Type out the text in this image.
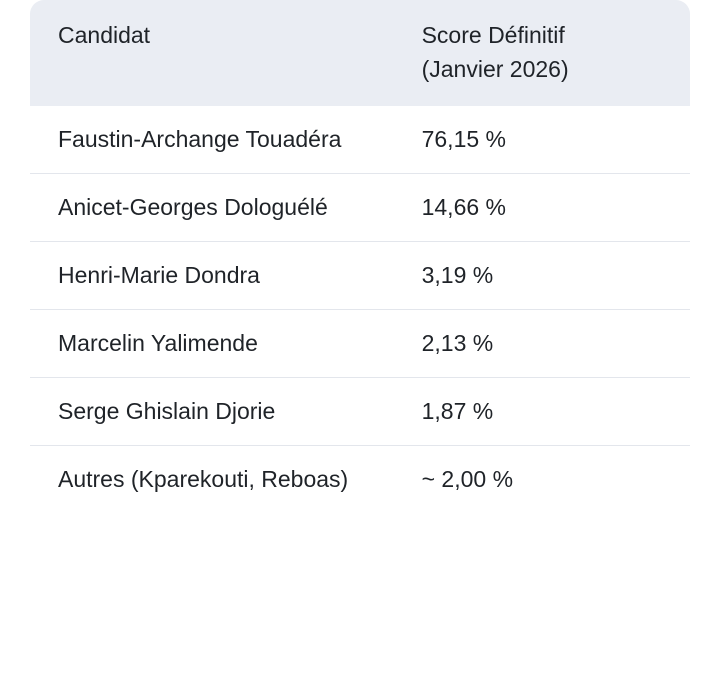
Candidat	Score Définitif
(Janvier 2026)

Faustin-Archange Touadéra	76,15 %
Anicet-Georges Dologuélé	14,66 %
Henri-Marie Dondra	3,19 %
Marcelin Yalimende	2,13 %
Serge Ghislain Djorie	1,87 %
Autres (Kparekouti, Reboas)	~ 2,00 %
